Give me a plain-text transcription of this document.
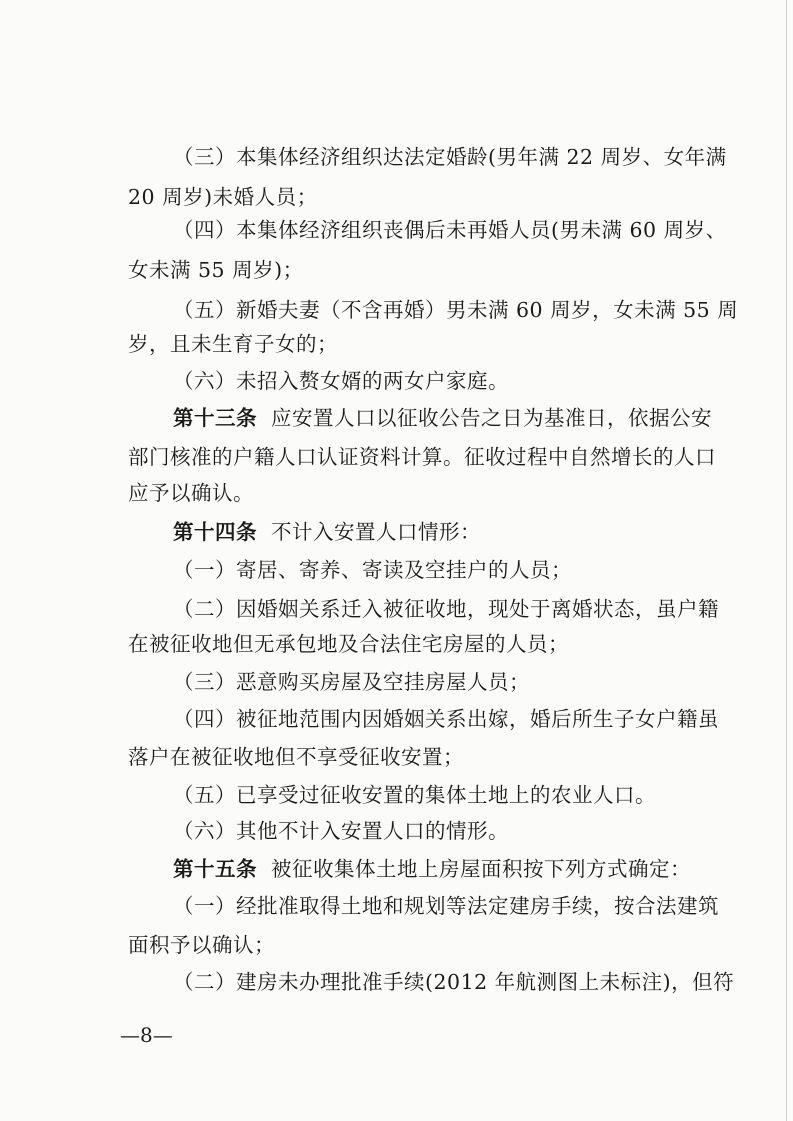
（三）本集体经济组织达法定婚龄(男年满 22 周岁、女年满
20 周岁)未婚人员；
（四）本集体经济组织丧偶后未再婚人员(男未满 60 周岁、
女未满 55 周岁)；
（五）新婚夫妻（不含再婚）男未满 60 周岁，女未满 55 周
岁，且未生育子女的；
（六）未招入赘女婿的两女户家庭。
第十三条 应安置人口以征收公告之日为基准日，依据公安
部门核准的户籍人口认证资料计算。征收过程中自然增长的人口
应予以确认。
第十四条 不计入安置人口情形：
（一）寄居、寄养、寄读及空挂户的人员；
（二）因婚姻关系迁入被征收地，现处于离婚状态，虽户籍
在被征收地但无承包地及合法住宅房屋的人员；
（三）恶意购买房屋及空挂房屋人员；
（四）被征地范围内因婚姻关系出嫁，婚后所生子女户籍虽
落户在被征收地但不享受征收安置；
（五）已享受过征收安置的集体土地上的农业人口。
（六）其他不计入安置人口的情形。
第十五条 被征收集体土地上房屋面积按下列方式确定：
（一）经批准取得土地和规划等法定建房手续，按合法建筑
面积予以确认；
（二）建房未办理批准手续(2012 年航测图上未标注)，但符
—8—
